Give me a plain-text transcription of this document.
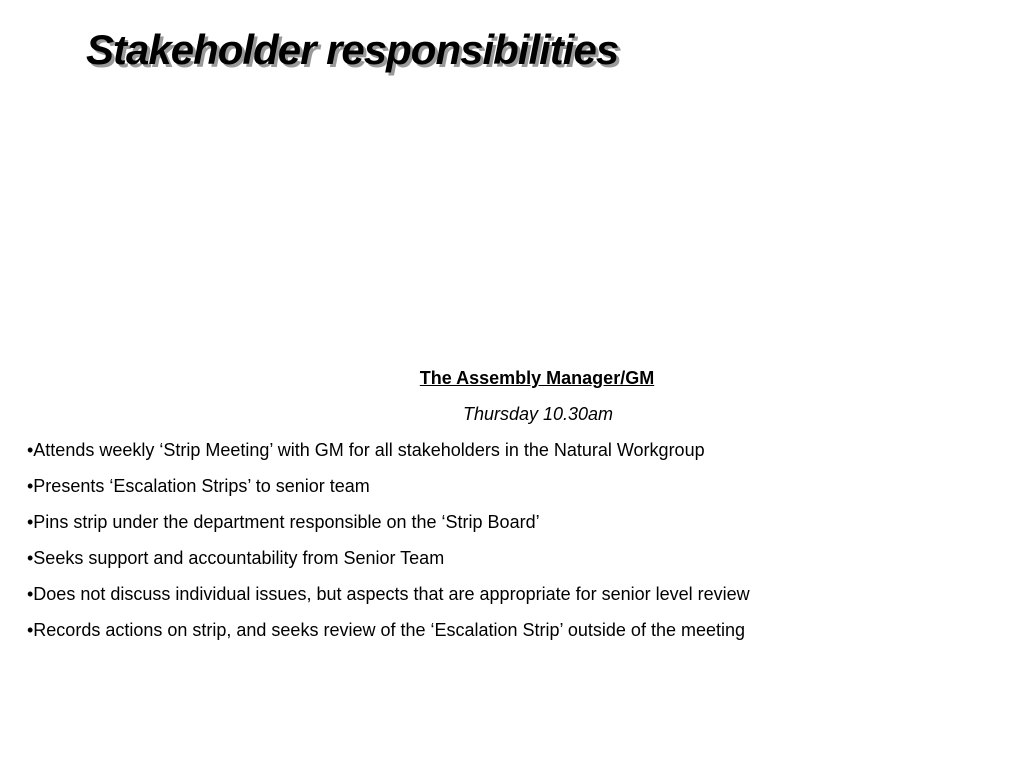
Stakeholder responsibilities
The Assembly Manager/GM
Thursday 10.30am
•Attends weekly ‘Strip Meeting’ with GM for all stakeholders in the Natural Workgroup
•Presents ‘Escalation Strips’ to senior team
•Pins strip under the department responsible on the ‘Strip Board’
•Seeks support and accountability from Senior Team
•Does not discuss individual issues, but aspects that are appropriate for senior level review
•Records actions on strip, and seeks review of the ‘Escalation Strip’ outside of the meeting
